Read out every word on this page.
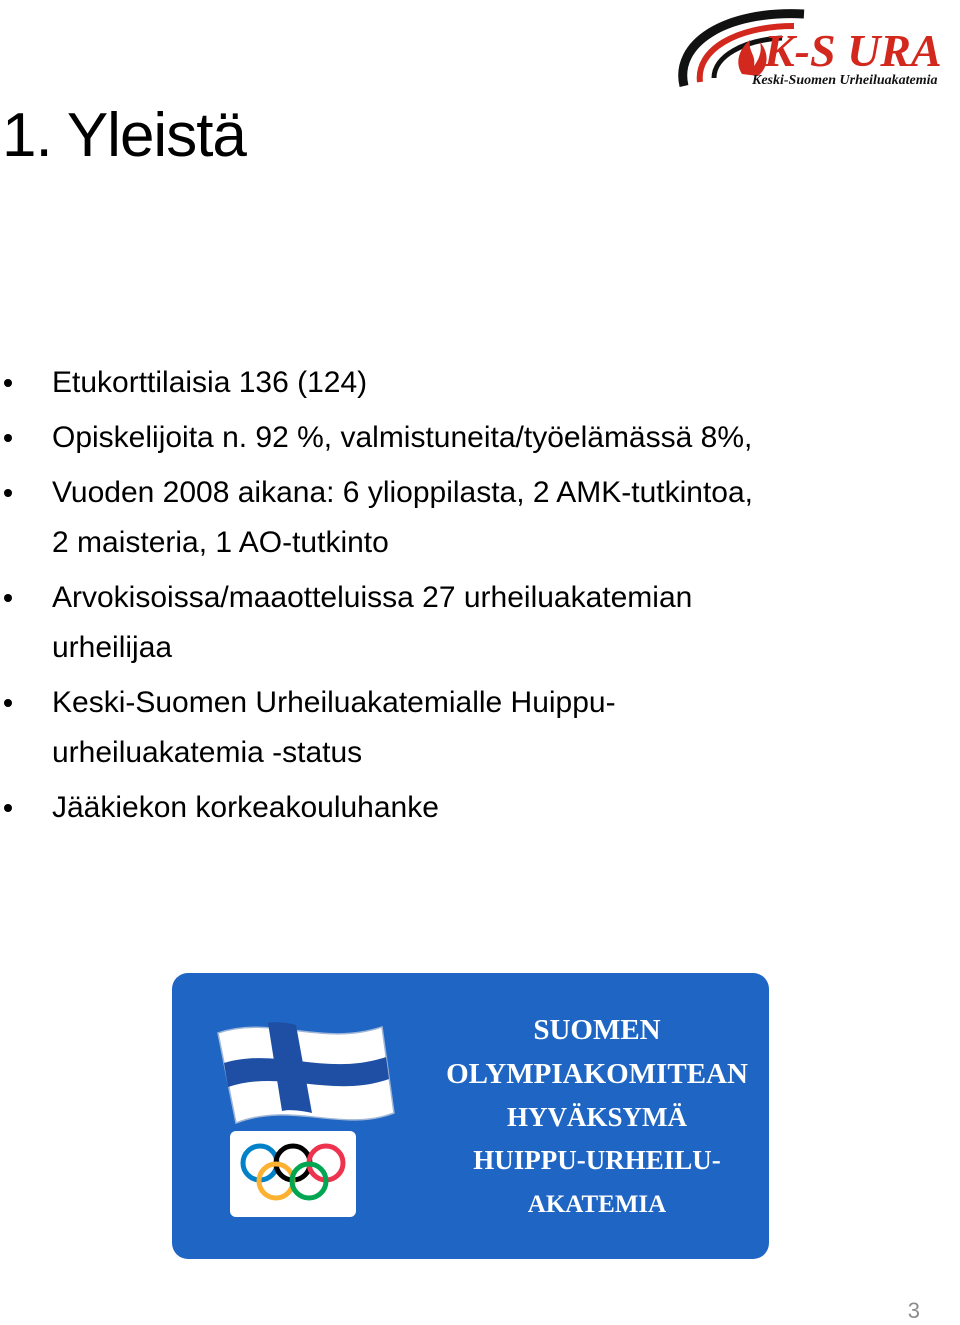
1. Yleistä
K-S URA
Keski-Suomen Urheiluakatemia
Etukorttilaisia 136 (124)
Opiskelijoita n. 92 %, valmistuneita/työelämässä 8%,
Vuoden 2008 aikana: 6 ylioppilasta, 2 AMK-tutkintoa,
2 maisteria, 1 AO-tutkinto
Arvokisoissa/maaotteluissa 27 urheiluakatemian
urheilijaa
Keski-Suomen Urheiluakatemialle Huippu-
urheiluakatemia -status
Jääkiekon korkeakouluhanke
SUOMEN
OLYMPIAKOMITEAN
HYVÄKSYMÄ
HUIPPU-URHEILU-
AKATEMIA
3
